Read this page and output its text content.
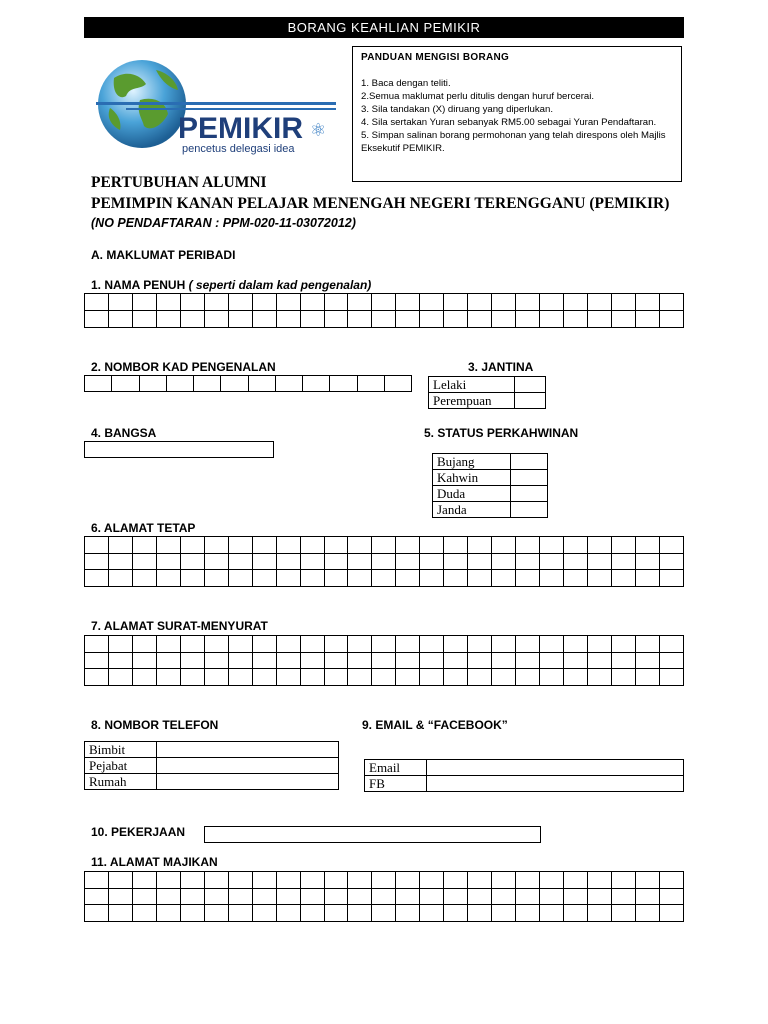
BORANG KEAHLIAN PEMIKIR
PEMIKIR
pencetus delegasi idea
⚛
PANDUAN MENGISI BORANG
1. Baca dengan teliti.
2.Semua maklumat perlu ditulis dengan huruf bercerai.
3. Sila tandakan (X) diruang yang diperlukan.
4. Sila sertakan Yuran sebanyak RM5.00 sebagai Yuran Pendaftaran.
5. Simpan salinan borang permohonan yang telah direspons oleh Majlis Eksekutif PEMIKIR.
PERTUBUHAN ALUMNI
PEMIMPIN KANAN PELAJAR MENENGAH NEGERI TERENGGANU (PEMIKIR)
(NO PENDAFTARAN : PPM-020-11-03072012)
A. MAKLUMAT PERIBADI
1. NAMA PENUH ( seperti dalam kad pengenalan)

2. NOMBOR KAD PENGENALAN
												3. JANTINA
Lelaki	
Perempuan	
4. BANGSA	5. STATUS PERKAHWINAN
Bujang	
Kahwin	
Duda	
Janda	
6. ALAMAT TETAP

7. ALAMAT SURAT-MENYURAT

8. NOMBOR TELEFON
Bimbit	
Pejabat	
Rumah	
9. EMAIL & “FACEBOOK”
Email	
FB	
10. PEKERJAAN
11. ALAMAT MAJIKAN
